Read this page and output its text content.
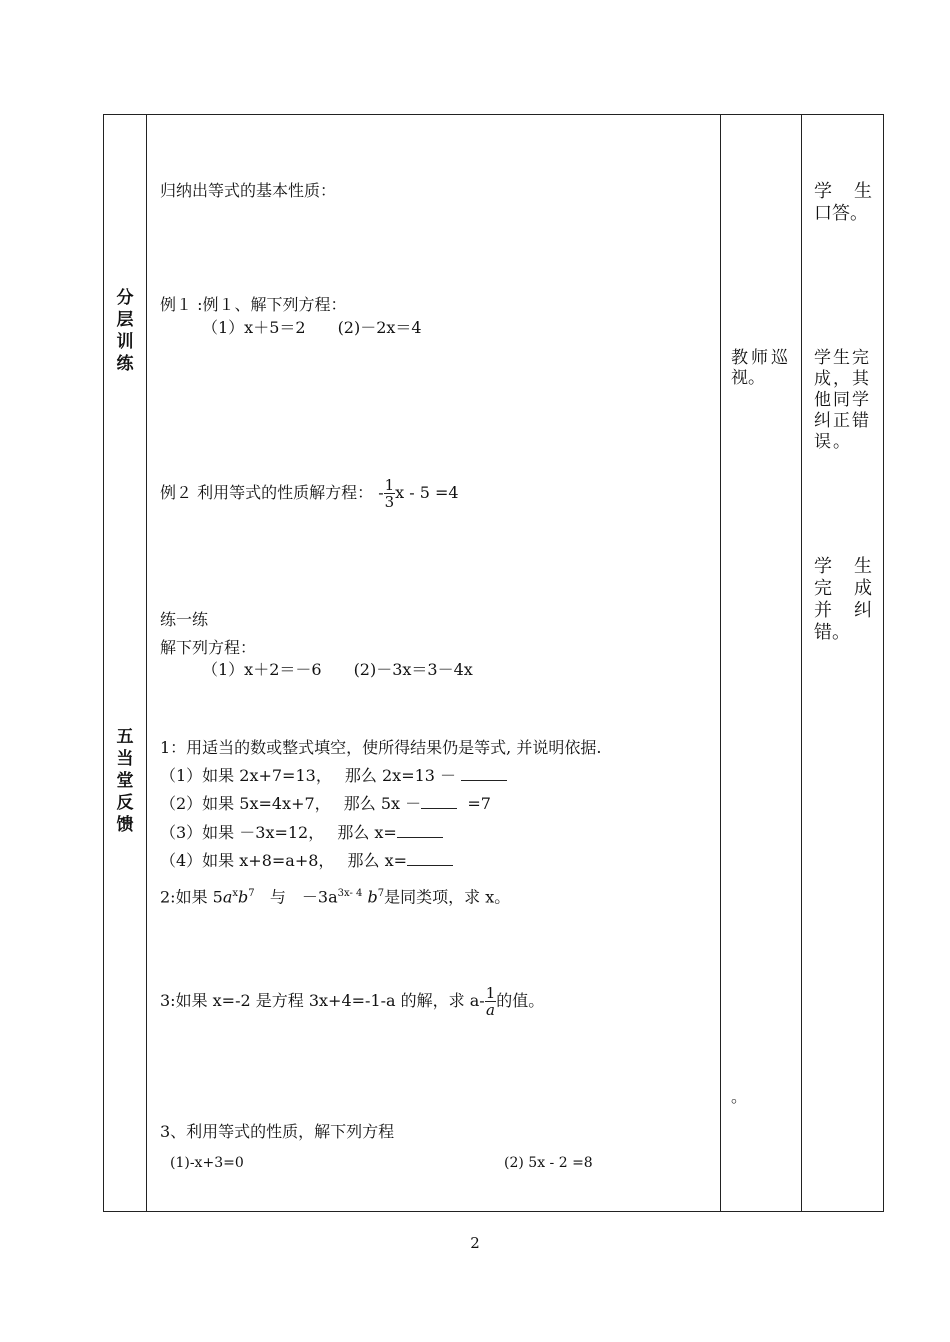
分层训练
五当堂反馈
归纳出等式的基本性质：
例１ :例１、解下列方程：
（1）x＋5＝2　　(2)－2x＝4
例２ 利用等式的性质解方程： - $\frac{1}{3}$ x - 5 =4
练一练
解下列方程：
（1）x＋2＝－6　　(2)－3x＝3－4x
1：用适当的数或整式填空，使所得结果仍是等式, 并说明依据.
（1）如果 2x+7=13，　 那么 2x=13 －
（2）如果 5x=4x+7，　 那么 5x －	=7
（3）如果 －3x=12，　 那么 x=
（4）如果 x+8=a+8，　 那么 x=
2:如果 $5a^xb^7$ 与　$-3a^{3x- 4}$ $b^7$是同类项，求 x。
3:如果 x=-2 是方程 3x+4=-1-a 的解，求 $a- \frac{1}{a}$ 的值。
3、利用等式的性质，解下列方程
(1)-x+3=0	(2) 5x - 2 =8
教师巡
视。
。
学 生
口答。
学生完
成，其
他同学
纠正错
误。
学 生
完 成
并 纠
错。
2
